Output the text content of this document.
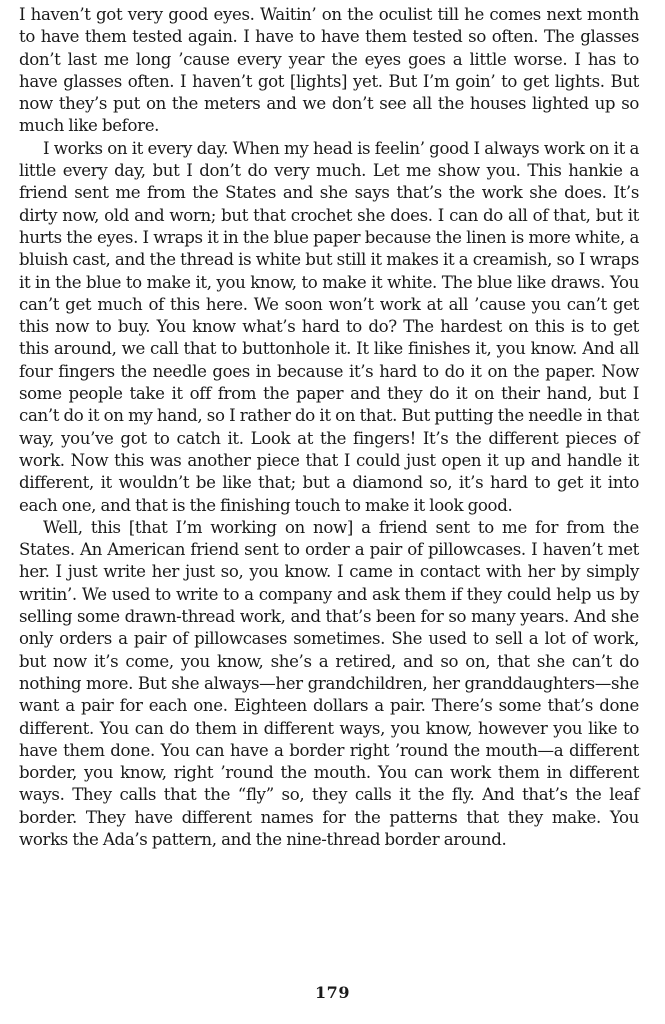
I haven’t got very good eyes. Waitin’ on the oculist till he comes next month to have them tested again. I have to have them tested so often. The glasses don’t last me long ’cause every year the eyes goes a little worse. I has to have glasses often. I haven’t got [lights] yet. But I’m goin’ to get lights. But now they’s put on the meters and we don’t see all the houses lighted up so much like before.

I works on it every day. When my head is feelin’ good I always work on it a little every day, but I don’t do very much. Let me show you. This hankie a friend sent me from the States and she says that’s the work she does. It’s dirty now, old and worn; but that crochet she does. I can do all of that, but it hurts the eyes. I wraps it in the blue paper because the linen is more white, a bluish cast, and the thread is white but still it makes it a creamish, so I wraps it in the blue to make it, you know, to make it white. The blue like draws. You can’t get much of this here. We soon won’t work at all ’cause you can’t get this now to buy. You know what’s hard to do? The hardest on this is to get this around, we call that to buttonhole it. It like finishes it, you know. And all four fingers the needle goes in because it’s hard to do it on the paper. Now some people take it off from the paper and they do it on their hand, but I can’t do it on my hand, so I rather do it on that. But putting the needle in that way, you’ve got to catch it. Look at the fingers! It’s the different pieces of work. Now this was another piece that I could just open it up and handle it different, it wouldn’t be like that; but a diamond so, it’s hard to get it into each one, and that is the finishing touch to make it look good.

Well, this [that I’m working on now] a friend sent to me for from the States. An American friend sent to order a pair of pillowcases. I haven’t met her. I just write her just so, you know. I came in contact with her by simply writin’. We used to write to a company and ask them if they could help us by selling some drawn-thread work, and that’s been for so many years. And she only orders a pair of pillowcases sometimes. She used to sell a lot of work, but now it’s come, you know, she’s a retired, and so on, that she can’t do nothing more. But she always—her grandchildren, her granddaughters—she want a pair for each one. Eighteen dollars a pair. There’s some that’s done different. You can do them in different ways, you know, however you like to have them done. You can have a border right ’round the mouth—a different border, you know, right ’round the mouth. You can work them in different ways. They calls that the “fly” so, they calls it the fly. And that’s the leaf border. They have different names for the patterns that they make. You works the Ada’s pattern, and the nine-thread border around.

179
